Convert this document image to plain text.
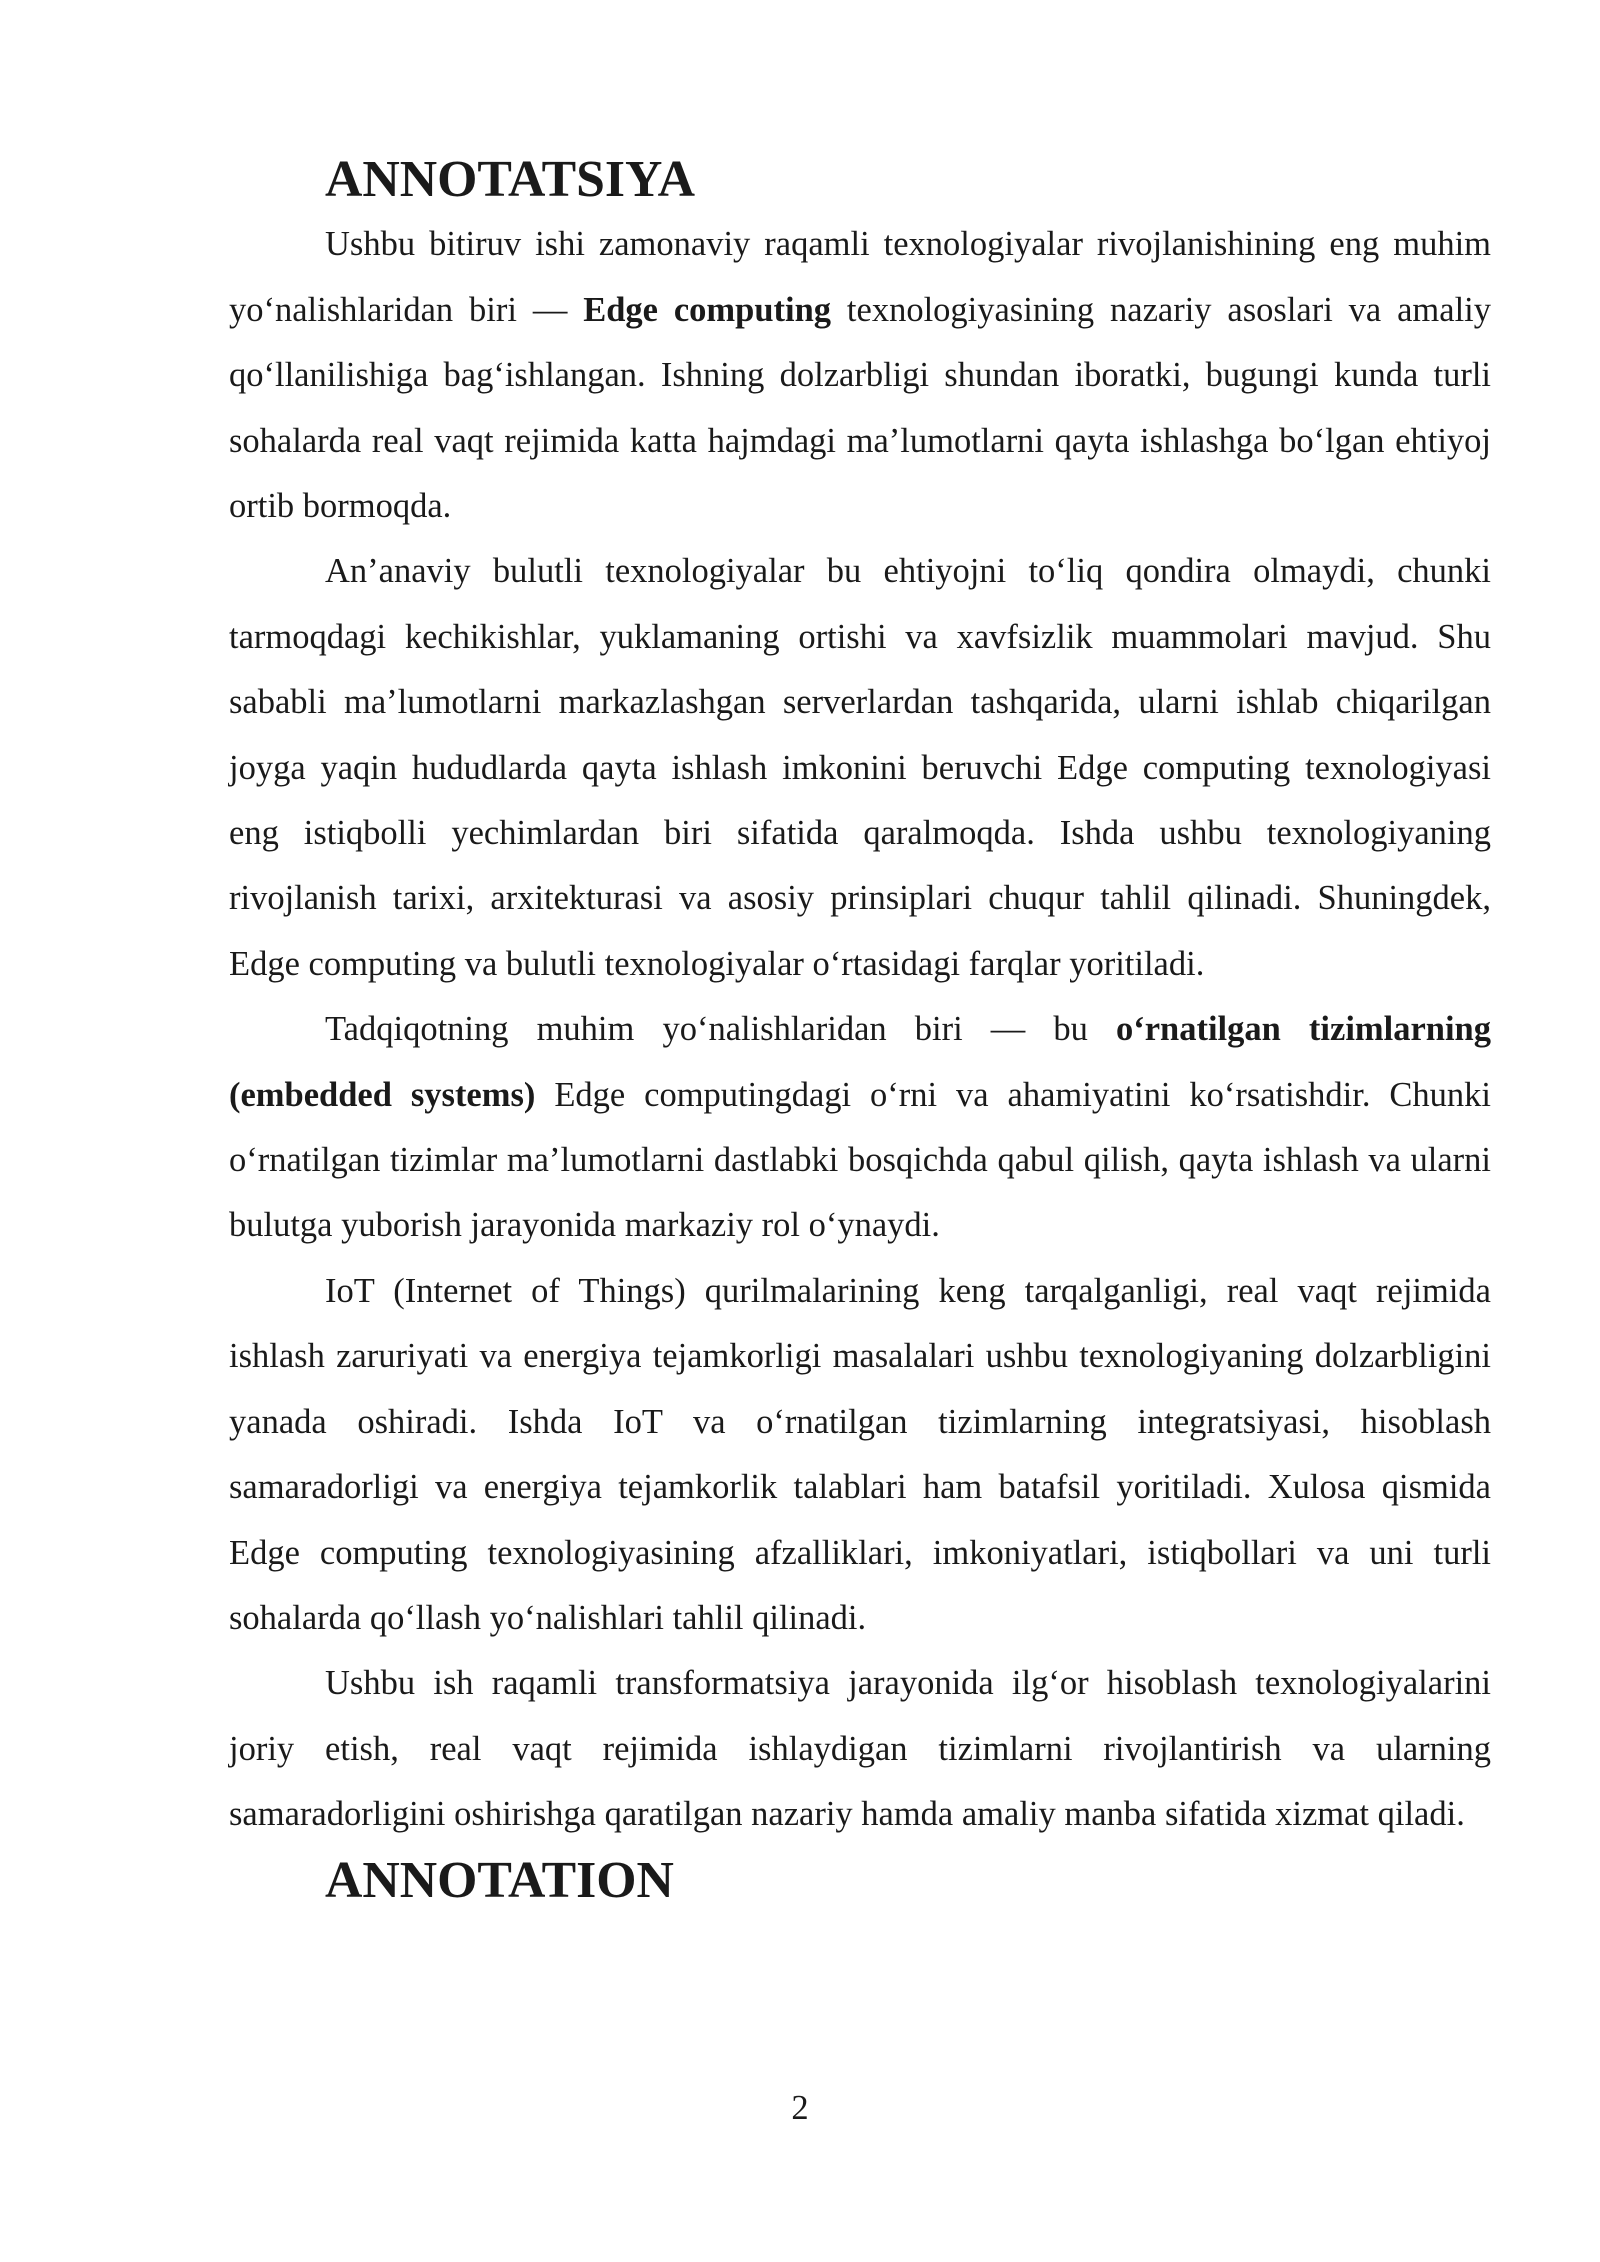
ANNOTATSIYA

Ushbu bitiruv ishi zamonaviy raqamli texnologiyalar rivojlanishining eng muhim yo‘nalishlaridan biri — Edge computing texnologiyasining nazariy asoslari va amaliy qo‘llanilishiga bag‘ishlangan. Ishning dolzarbligi shundan iboratki, bugungi kunda turli sohalarda real vaqt rejimida katta hajmdagi ma’lumotlarni qayta ishlashga bo‘lgan ehtiyoj ortib bormoqda.

An’anaviy bulutli texnologiyalar bu ehtiyojni to‘liq qondira olmaydi, chunki tarmoqdagi kechikishlar, yuklamaning ortishi va xavfsizlik muammolari mavjud. Shu sababli ma’lumotlarni markazlashgan serverlardan tashqarida, ularni ishlab chiqarilgan joyga yaqin hududlarda qayta ishlash imkonini beruvchi Edge computing texnologiyasi eng istiqbolli yechimlardan biri sifatida qaralmoqda. Ishda ushbu texnologiyaning rivojlanish tarixi, arxitekturasi va asosiy prinsiplari chuqur tahlil qilinadi. Shuningdek, Edge computing va bulutli texnologiyalar o‘rtasidagi farqlar yoritiladi.

Tadqiqotning muhim yo‘nalishlaridan biri — bu o‘rnatilgan tizimlarning (embedded systems) Edge computingdagi o‘rni va ahamiyatini ko‘rsatishdir. Chunki o‘rnatilgan tizimlar ma’lumotlarni dastlabki bosqichda qabul qilish, qayta ishlash va ularni bulutga yuborish jarayonida markaziy rol o‘ynaydi.

IoT (Internet of Things) qurilmalarining keng tarqalganligi, real vaqt rejimida ishlash zaruriyati va energiya tejamkorligi masalalari ushbu texnologiyaning dolzarbligini yanada oshiradi. Ishda IoT va o‘rnatilgan tizimlarning integratsiyasi, hisoblash samaradorligi va energiya tejamkorlik talablari ham batafsil yoritiladi. Xulosa qismida Edge computing texnologiyasining afzalliklari, imkoniyatlari, istiqbollari va uni turli sohalarda qo‘llash yo‘nalishlari tahlil qilinadi.

Ushbu ish raqamli transformatsiya jarayonida ilg‘or hisoblash texnologiyalarini joriy etish, real vaqt rejimida ishlaydigan tizimlarni rivojlantirish va ularning samaradorligini oshirishga qaratilgan nazariy hamda amaliy manba sifatida xizmat qiladi.

ANNOTATION
2
